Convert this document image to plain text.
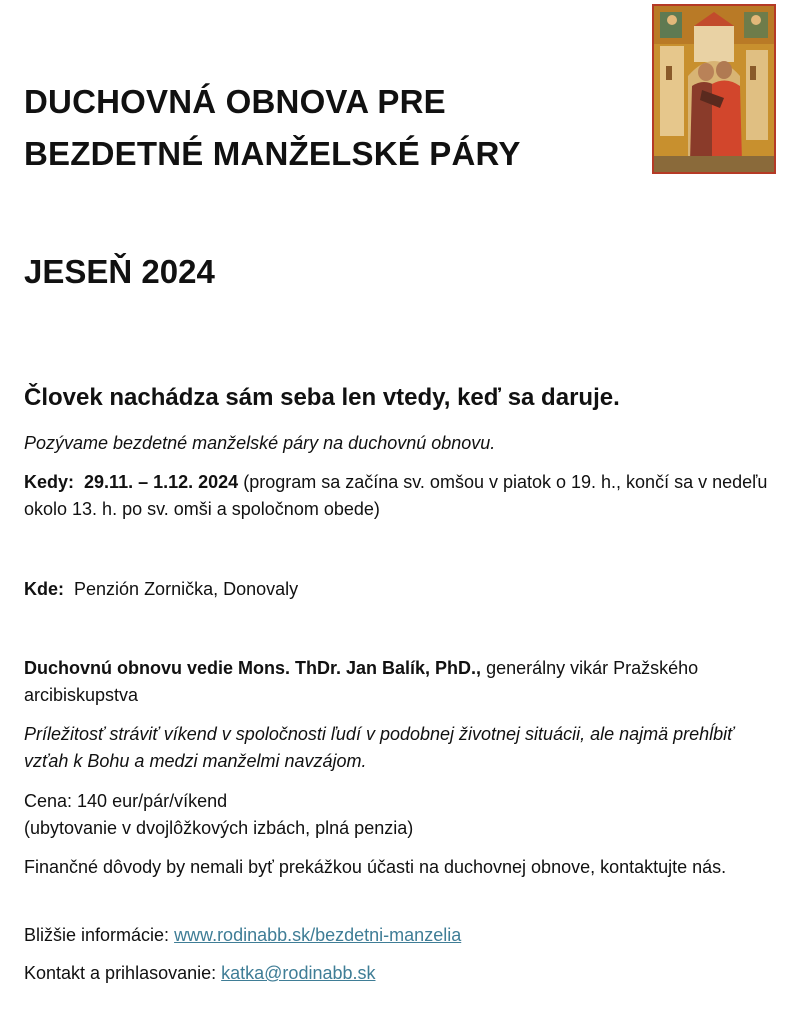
DUCHOVNÁ OBNOVA PRE
BEZDETNÉ MANŽELSKÉ PÁRY
JESEŇ 2024
Človek nachádza sám seba len vtedy, keď sa daruje.

Pozývame bezdetné manželské páry na duchovnú obnovu.

Kedy: 29.11. – 1.12. 2024 (program sa začína sv. omšou v piatok o 19. h., končí sa v nedeľu okolo 13. h. po sv. omši a spoločnom obede)

Kde: Penzión Zornička, Donovaly

Duchovnú obnovu vedie Mons. ThDr. Jan Balík, PhD., generálny vikár Pražského arcibiskupstva

Príležitosť stráviť víkend v spoločnosti ľudí v podobnej životnej situácii, ale najmä prehĺbiť vzťah k Bohu a medzi manželmi navzájom.

Cena: 140 eur/pár/víkend
(ubytovanie v dvojlôžkových izbách, plná penzia)

Finančné dôvody by nemali byť prekážkou účasti na duchovnej obnove, kontaktujte nás.

Bližšie informácie: www.rodinabb.sk/bezdetni-manzelia

Kontakt a prihlasovanie: katka@rodinabb.sk
